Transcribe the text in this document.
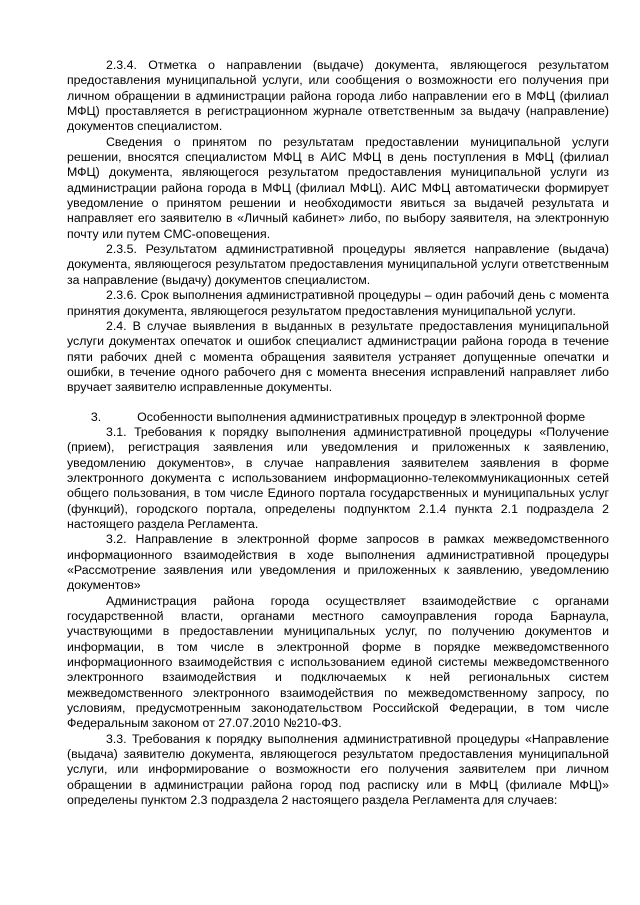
2.3.4. Отметка о направлении (выдаче) документа, являющегося результатом предоставления муниципальной услуги, или сообщения о возможности его получения при личном обращении в администрации района города либо направлении его в МФЦ (филиал МФЦ) проставляется в регистрационном журнале ответственным за выдачу (направление) документов специалистом.

Сведения о принятом по результатам предоставлении муниципальной услуги решении, вносятся специалистом МФЦ в АИС МФЦ в день поступления в МФЦ (филиал МФЦ) документа, являющегося результатом предоставления муниципальной услуги из администрации района города в МФЦ (филиал МФЦ). АИС МФЦ автоматически формирует уведомление о принятом решении и необходимости явиться за выдачей результата и направляет его заявителю в «Личный кабинет» либо, по выбору заявителя, на электронную почту или путем СМС-оповещения.

2.3.5. Результатом административной процедуры является направление (выдача) документа, являющегося результатом предоставления муниципальной услуги ответственным за направление (выдачу) документов специалистом.

2.3.6. Срок выполнения административной процедуры – один рабочий день с момента принятия документа, являющегося результатом предоставления муниципальной услуги.

2.4. В случае выявления в выданных в результате предоставления муниципальной услуги документах опечаток и ошибок специалист администрации района города в течение пяти рабочих дней с момента обращения заявителя устраняет допущенные опечатки и ошибки, в течение одного рабочего дня с момента внесения исправлений направляет либо вручает заявителю исправленные документы.

3.	Особенности выполнения административных процедур в электронной форме

3.1. Требования к порядку выполнения административной процедуры «Получение (прием), регистрация заявления или уведомления и приложенных к заявлению, уведомлению документов», в случае направления заявителем заявления в форме электронного документа с использованием информационно-телекоммуникационных сетей общего пользования, в том числе Единого портала государственных и муниципальных услуг (функций), городского портала, определены подпунктом 2.1.4 пункта 2.1 подраздела 2 настоящего раздела Регламента.

3.2. Направление в электронной форме запросов в рамках межведомственного информационного взаимодействия в ходе выполнения административной процедуры «Рассмотрение заявления или уведомления и приложенных к заявлению, уведомлению документов»

Администрация района города осуществляет взаимодействие с органами государственной власти, органами местного самоуправления города Барнаула, участвующими в предоставлении муниципальных услуг, по получению документов и информации, в том числе в электронной форме в порядке межведомственного информационного взаимодействия с использованием единой системы межведомственного электронного взаимодействия и подключаемых к ней региональных систем межведомственного электронного взаимодействия по межведомственному запросу, по условиям, предусмотренным законодательством Российской Федерации, в том числе Федеральным законом от 27.07.2010 №210-ФЗ.

3.3. Требования к порядку выполнения административной процедуры «Направление (выдача) заявителю документа, являющегося результатом предоставления муниципальной услуги, или информирование о возможности его получения заявителем при личном обращении в администрации района город под расписку или в МФЦ (филиале МФЦ)» определены пунктом 2.3 подраздела 2 настоящего раздела Регламента для случаев:
